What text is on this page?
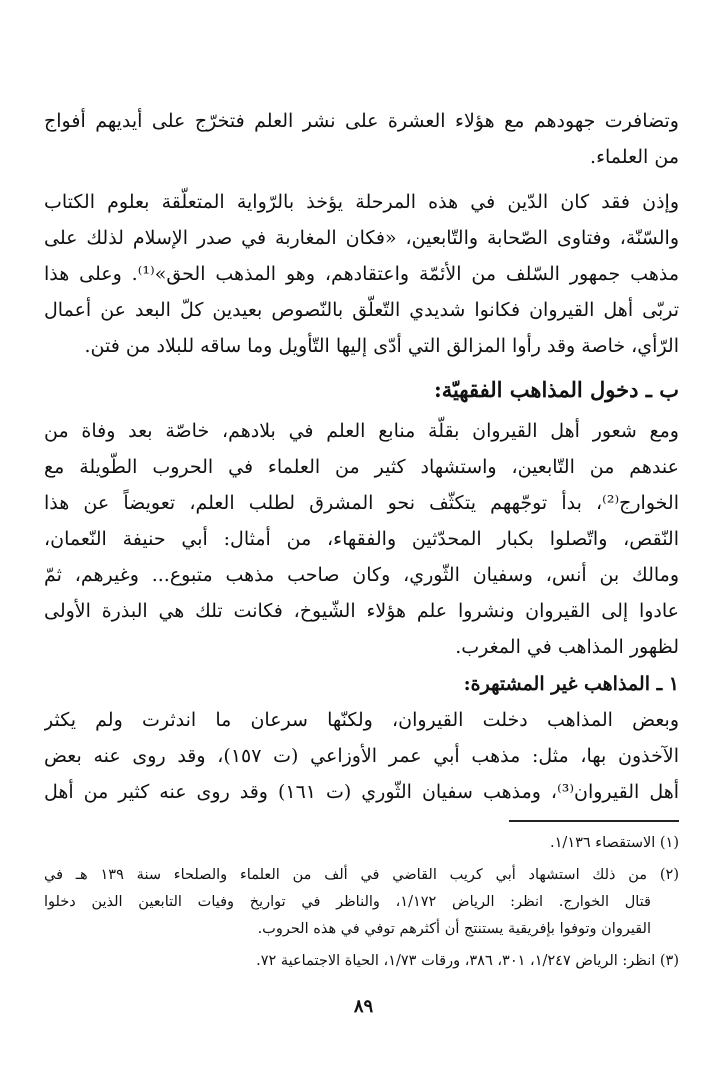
وتضافرت جهودهم مع هؤلاء العشرة على نشر العلم فتخرّج على أيديهم أفواج
من العلماء.
وإذن فقد كان الدّين في هذه المرحلة يؤخذ بالرّواية المتعلّقة بعلوم الكتاب
والسّنّة، وفتاوى الصّحابة والتّابعين، «فكان المغاربة في صدر الإسلام لذلك على
مذهب جمهور السّلف من الأئمّة واعتقادهم، وهو المذهب الحق»⁽¹⁾. وعلى هذا
تربّى أهل القيروان فكانوا شديدي التّعلّق بالنّصوص بعيدين كلّ البعد عن أعمال
الرّأي، خاصة وقد رأوا المزالق التي أدّى إليها التّأويل وما ساقه للبلاد من فتن.
ب ـ دخول المذاهب الفقهيّة:
ومع شعور أهل القيروان بقلّة منابع العلم في بلادهم، خاصّة بعد وفاة من
عندهم من التّابعين، واستشهاد كثير من العلماء في الحروب الطّويلة مع
الخوارج⁽²⁾، بدأ توجّههم يتكثّف نحو المشرق لطلب العلم، تعويضاً عن هذا
النّقص، واتّصلوا بكبار المحدّثين والفقهاء، من أمثال: أبي حنيفة النّعمان،
ومالك بن أنس، وسفيان الثّوري، وكان صاحب مذهب متبوع... وغيرهم، ثمّ
عادوا إلى القيروان ونشروا علم هؤلاء الشّيوخ، فكانت تلك هي البذرة الأولى
لظهور المذاهب في المغرب.
١ ـ المذاهب غير المشتهرة:
وبعض المذاهب دخلت القيروان، ولكنّها سرعان ما اندثرت ولم يكثر
الآخذون بها، مثل: مذهب أبي عمر الأوزاعي (ت ١٥٧)، وقد روى عنه بعض
أهل القيروان⁽³⁾، ومذهب سفيان الثّوري (ت ١٦١) وقد روى عنه كثير من أهل
(١) الاستقصاء ١/١٣٦.
(٢) من ذلك استشهاد أبي كريب القاضي في ألف من العلماء والصلحاء سنة ١٣٩ هـ في
قتال الخوارج. انظر: الرياض ١/١٧٢، والناظر في تواريخ وفيات التابعين الذين دخلوا
القيروان وتوفوا بإفريقية يستنتج أن أكثرهم توفي في هذه الحروب.
(٣) انظر: الرياض ١/٢٤٧، ٣٠١، ٣٨٦، ورقات ١/٧٣، الحياة الاجتماعية ٧٢.
٨٩
